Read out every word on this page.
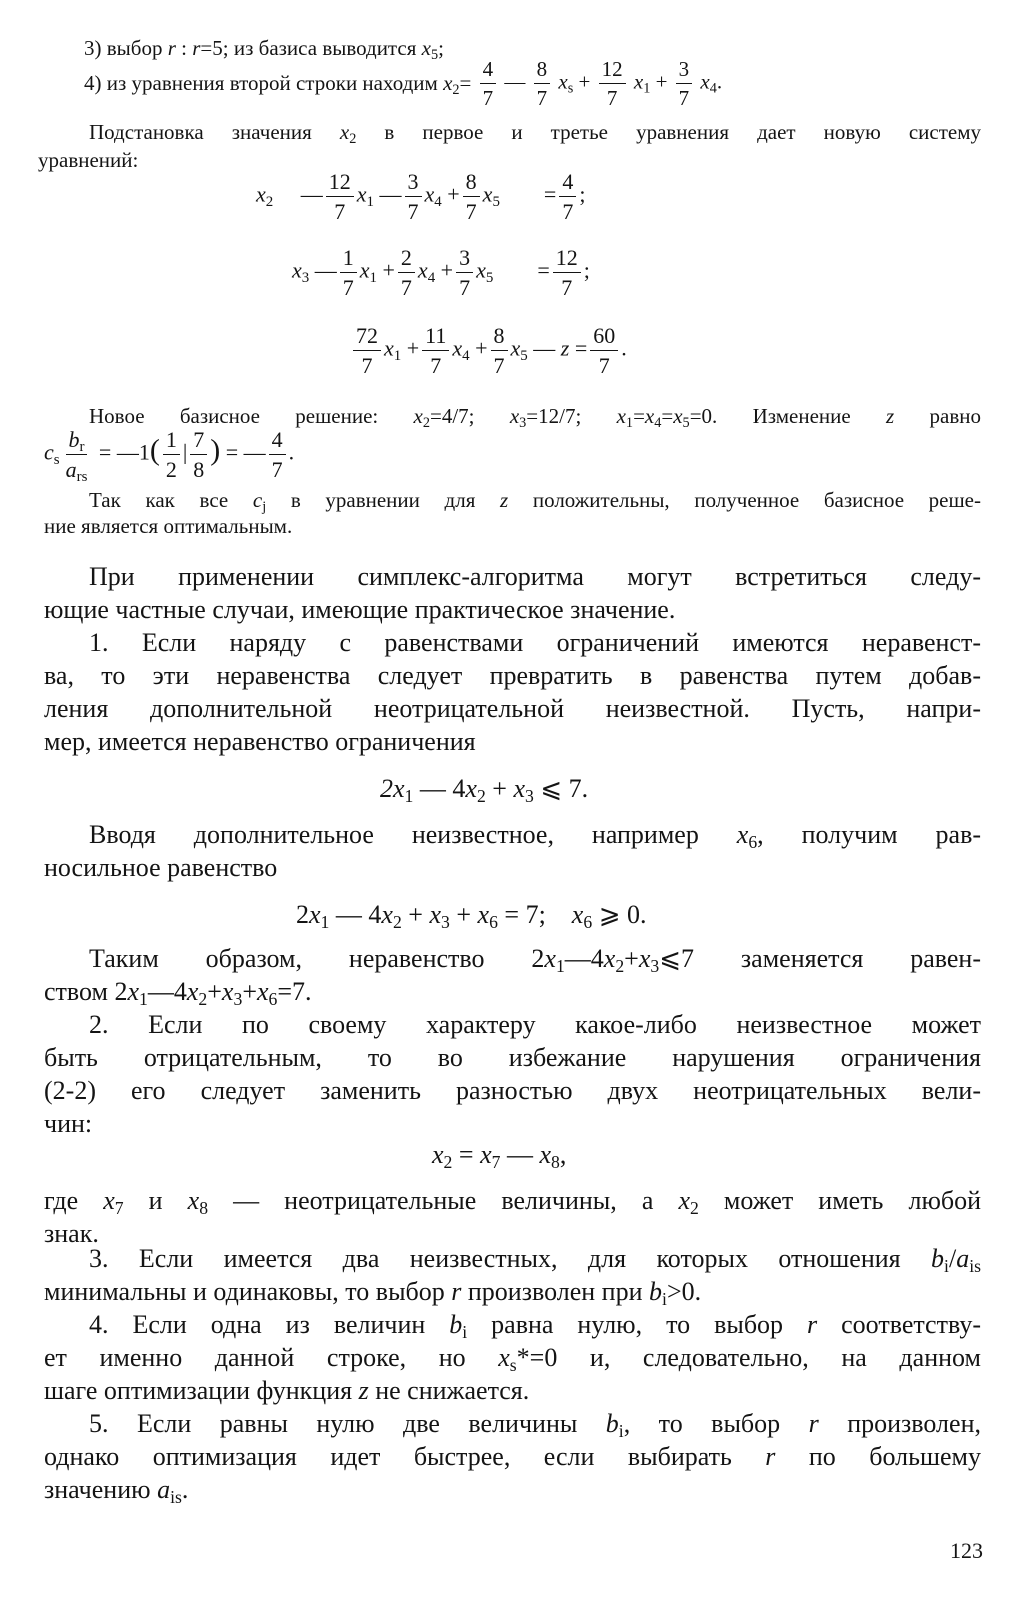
3) выбор r : r=5; из базиса выводится $x_5$;
4) из уравнения второй строки находим $x_2= \frac{4}{7}$ — $\frac{8}{7} x_s + \frac{12}{7} x_1 + \frac{3}{7} x_4$.
Подстановка значения $x_2$ в первое и третье уравнения дает новую систему
уравнений:
$x_2$     — $\frac{12}{7} x_1$ — $\frac{3}{7} x_4 + \frac{8}{7} x_5$        = $\frac{4}{7}$ ;
$x_3$ — $\frac{1}{7} x_1 + \frac{2}{7} x_4 + \frac{3}{7} x_5$        = $\frac{12}{7}$ ;
$\frac{72}{7} x_1 + \frac{11}{7} x_4 + \frac{8}{7} x_5$ — $z = \frac{60}{7}$ .
Новое базисное решение: $x_2=4/7$; $x_3=12/7$; $x_1=x_4=x_5=0$. Изменение z равно
$c_s$
$b_r$
$a_{rs}$
= —1( $\frac{1}{2}$ | $\frac{7}{8}$ ) = — $\frac{4}{7}$ .
Так как все $c_j$ в уравнении для z положительны, полученное базисное реше-
ние является оптимальным.
При применении симплекс-алгоритма могут встретиться следу-
ющие частные случаи, имеющие практическое значение.
1. Если наряду с равенствами ограничений имеются неравенст-
ва, то эти неравенства следует превратить в равенства путем добав-
ления дополнительной неотрицательной неизвестной. Пусть, напри-
мер, имеется неравенство ограничения
$2x_1$ — $4x_2 + x_3$ ⩽ 7.
Вводя дополнительное неизвестное, например $x_6$, получим рав-
носильное равенство
$2x_1$ — $4x_2 + x_3 + x_6 = 7$;    $x_6$ ⩾ 0.
Таким образом, неравенство $2x_1—4x_2+x_3⩽7$ заменяется равен-
ством $2x_1—4x_2+x_3+x_6=7$.
2. Если по своему характеру какое-либо неизвестное может
быть отрицательным, то во избежание нарушения ограничения
(2-2) его следует заменить разностью двух неотрицательных вели-
чин:
$x_2 = x_7$ — $x_8$,
где $x_7$ и $x_8$ — неотрицательные величины, а $x_2$ может иметь любой
знак.
3. Если имеется два неизвестных, для которых отношения $b_i/a_{is}$
минимальны и одинаковы, то выбор r произволен при $b_i>0$.
4. Если одна из величин $b_i$ равна нулю, то выбор r соответству-
ет именно данной строке, но $x_s*=0$ и, следовательно, на данном
шаге оптимизации функция z не снижается.
5. Если равны нулю две величины $b_i$, то выбор r произволен,
однако оптимизация идет быстрее, если выбирать r по большему
значению $a_{is}$.
123
